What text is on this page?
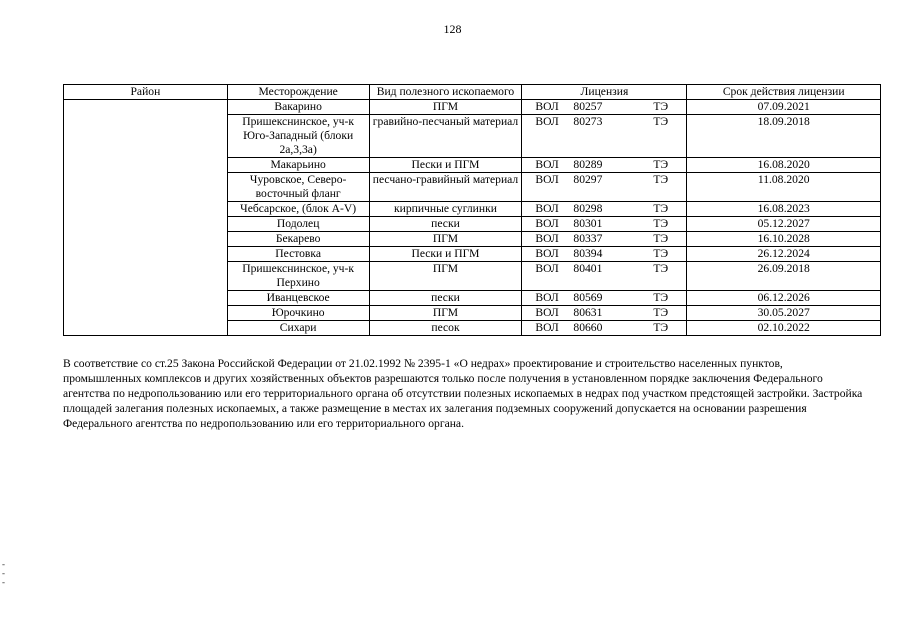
128
Район	Месторождение	Вид полезного ископаемого	Лицензия	Срок действия лицензии
	Вакарино	ПГМ	ВОЛ 80257 ТЭ	07.09.2021
	Пришекснинское, уч-к Юго-Западный (блоки 2а,3,3а)	гравийно-песчаный материал	ВОЛ 80273 ТЭ	18.09.2018
	Макарьино	Пески и ПГМ	ВОЛ 80289 ТЭ	16.08.2020
	Чуровское, Северо-восточный фланг	песчано-гравийный материал	ВОЛ 80297 ТЭ	11.08.2020
	Чебсарское, (блок A-V)	кирпичные суглинки	ВОЛ 80298 ТЭ	16.08.2023
	Подолец	пески	ВОЛ 80301 ТЭ	05.12.2027
	Бекарево	ПГМ	ВОЛ 80337 ТЭ	16.10.2028
	Пестовка	Пески и ПГМ	ВОЛ 80394 ТЭ	26.12.2024
	Пришекснинское, уч-к Перхино	ПГМ	ВОЛ 80401 ТЭ	26.09.2018
	Иванцевское	пески	ВОЛ 80569 ТЭ	06.12.2026
	Юрочкино	ПГМ	ВОЛ 80631 ТЭ	30.05.2027
	Сихари	песок	ВОЛ 80660 ТЭ	02.10.2022
В соответствие со ст.25 Закона Российской Федерации от 21.02.1992 № 2395-1 «О недрах» проектирование и строительство населенных пунктов, промышленных комплексов и других хозяйственных объектов разрешаются только после получения в установленном порядке заключения Федерального агентства по недропользованию или его территориального органа об отсутствии полезных ископаемых в недрах под участком предстоящей застройки. Застройка площадей залегания полезных ископаемых, а также размещение в местах их залегания подземных сооружений допускается на основании разрешения Федерального агентства по недропользованию или его территориального органа.
-
-
-
